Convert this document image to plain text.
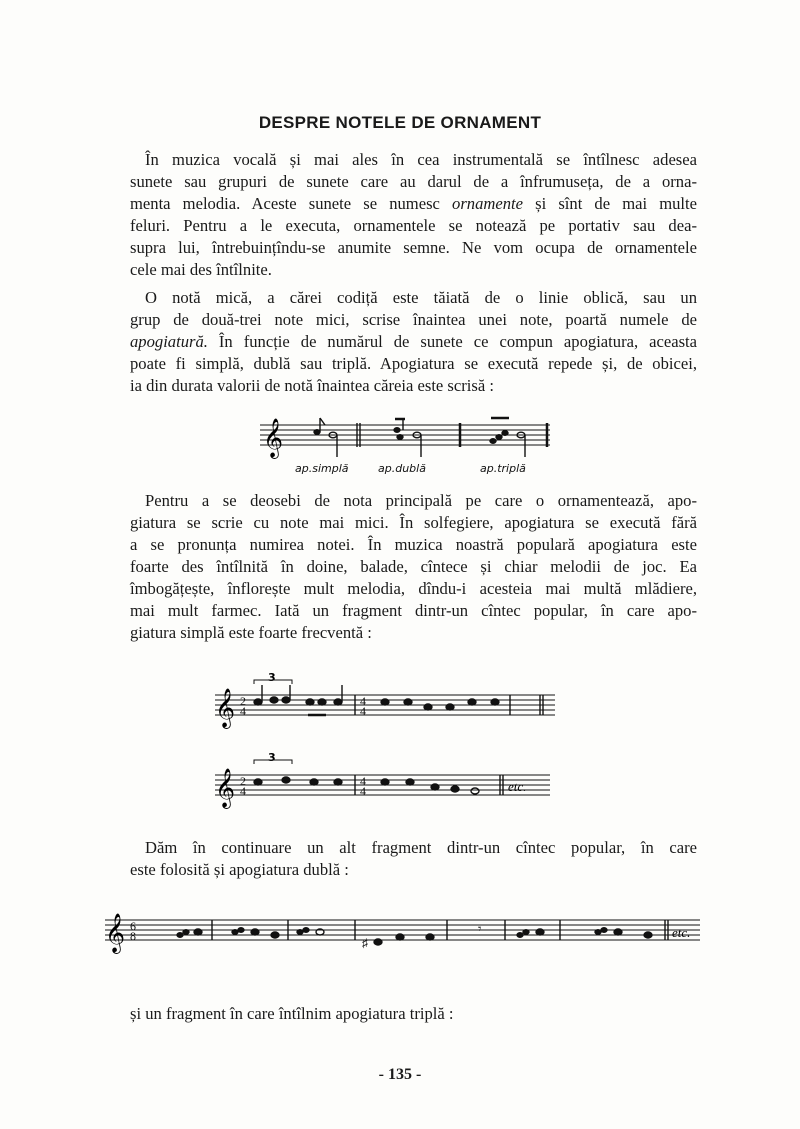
DESPRE NOTELE DE ORNAMENT
În muzica vocală și mai ales în cea instrumentală se întîlnesc adesea
sunete sau grupuri de sunete care au darul de a înfrumuseța, de a orna-
menta melodia. Aceste sunete se numesc ornamente și sînt de mai multe
feluri. Pentru a le executa, ornamentele se notează pe portativ sau dea-
supra lui, întrebuințîndu-se anumite semne. Ne vom ocupa de ornamentele
cele mai des întîlnite.
O notă mică, a cărei codiță este tăiată de o linie oblică, sau un
grup de două-trei note mici, scrise înaintea unei note, poartă numele de
apogiatură. În funcție de numărul de sunete ce compun apogiatura, aceasta
poate fi simplă, dublă sau triplă. Apogiatura se execută repede și, de obicei,
ia din durata valorii de notă înaintea căreia este scrisă :
𝄞
ap.simplă	ap.dublă	ap.triplă
Pentru a se deosebi de nota principală pe care o ornamentează, apo-
giatura se scrie cu note mai mici. În solfegiere, apogiatura se execută fără
a se pronunța numirea notei. În muzica noastră populară apogiatura este
foarte des întîlnită în doine, balade, cîntece și chiar melodii de joc. Ea
îmbogățește, înflorește mult melodia, dîndu-i acesteia mai multă mlădiere,
mai mult farmec. Iată un fragment dintr-un cîntec popular, în care apo-
giatura simplă este foarte frecventă :
𝄞
𝄞
3
3
2
4
4
4
2
4
4
4	etc.
Dăm în continuare un alt fragment dintr-un cîntec popular, în care
este folosită și apogiatura dublă :
𝄞 6
8	♯
𝄾	etc.
și un fragment în care întîlnim apogiatura triplă :
- 135 -
